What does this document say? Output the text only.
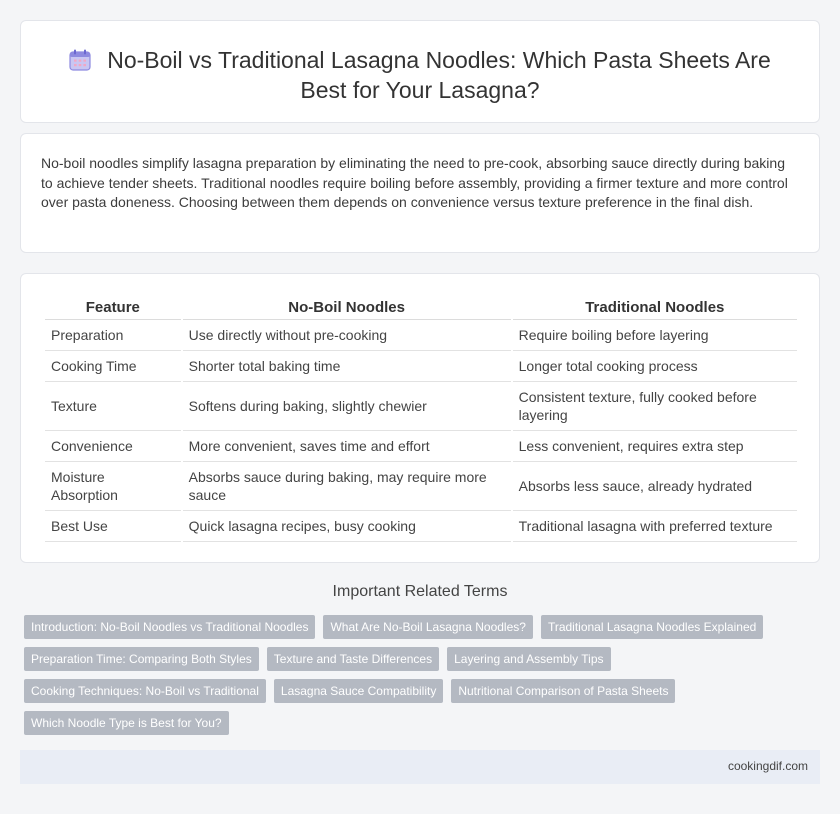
No-Boil vs Traditional Lasagna Noodles: Which Pasta Sheets Are Best for Your Lasagna?

No-boil noodles simplify lasagna preparation by eliminating the need to pre-cook, absorbing sauce directly during baking to achieve tender sheets. Traditional noodles require boiling before assembly, providing a firmer texture and more control over pasta doneness. Choosing between them depends on convenience versus texture preference in the final dish.

Feature	No-Boil Noodles	Traditional Noodles
Preparation	Use directly without pre-cooking	Require boiling before layering
Cooking Time	Shorter total baking time	Longer total cooking process
Texture	Softens during baking, slightly chewier	Consistent texture, fully cooked before layering
Convenience	More convenient, saves time and effort	Less convenient, requires extra step
Moisture Absorption	Absorbs sauce during baking, may require more sauce	Absorbs less sauce, already hydrated
Best Use	Quick lasagna recipes, busy cooking	Traditional lasagna with preferred texture
Important Related Terms
Introduction: No-Boil Noodles vs Traditional Noodles	What Are No-Boil Lasagna Noodles?	Traditional Lasagna Noodles Explained
Preparation Time: Comparing Both Styles	Texture and Taste Differences	Layering and Assembly Tips
Cooking Techniques: No-Boil vs Traditional	Lasagna Sauce Compatibility	Nutritional Comparison of Pasta Sheets
Which Noodle Type is Best for You?
cookingdif.com
